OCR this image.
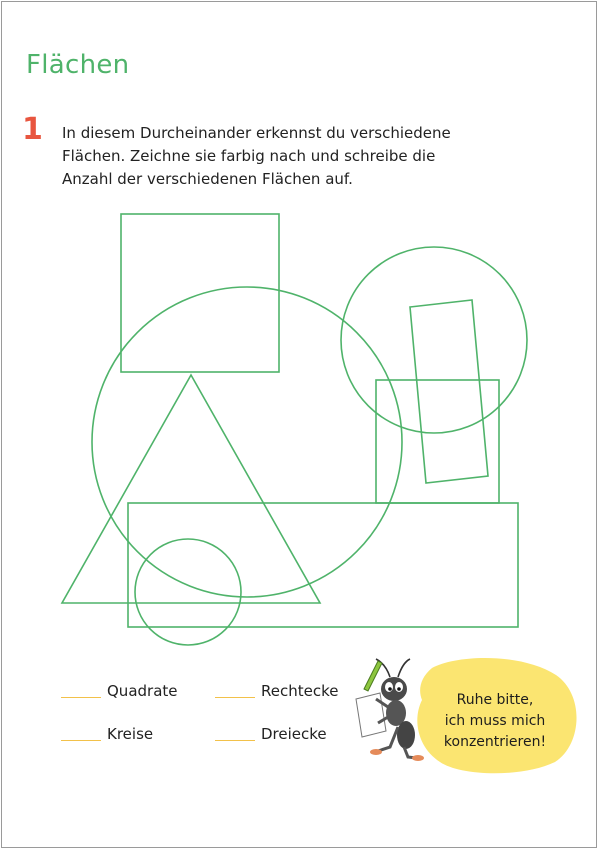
Flächen
1 In diesem Durcheinander erkennst du verschiedene
Flächen. Zeichne sie farbig nach und schreibe die
Anzahl der verschiedenen Flächen auf.
Quadrate	Rechtecke
Kreise	Dreiecke
Ruhe bitte,
ich muss mich
konzentrieren!
